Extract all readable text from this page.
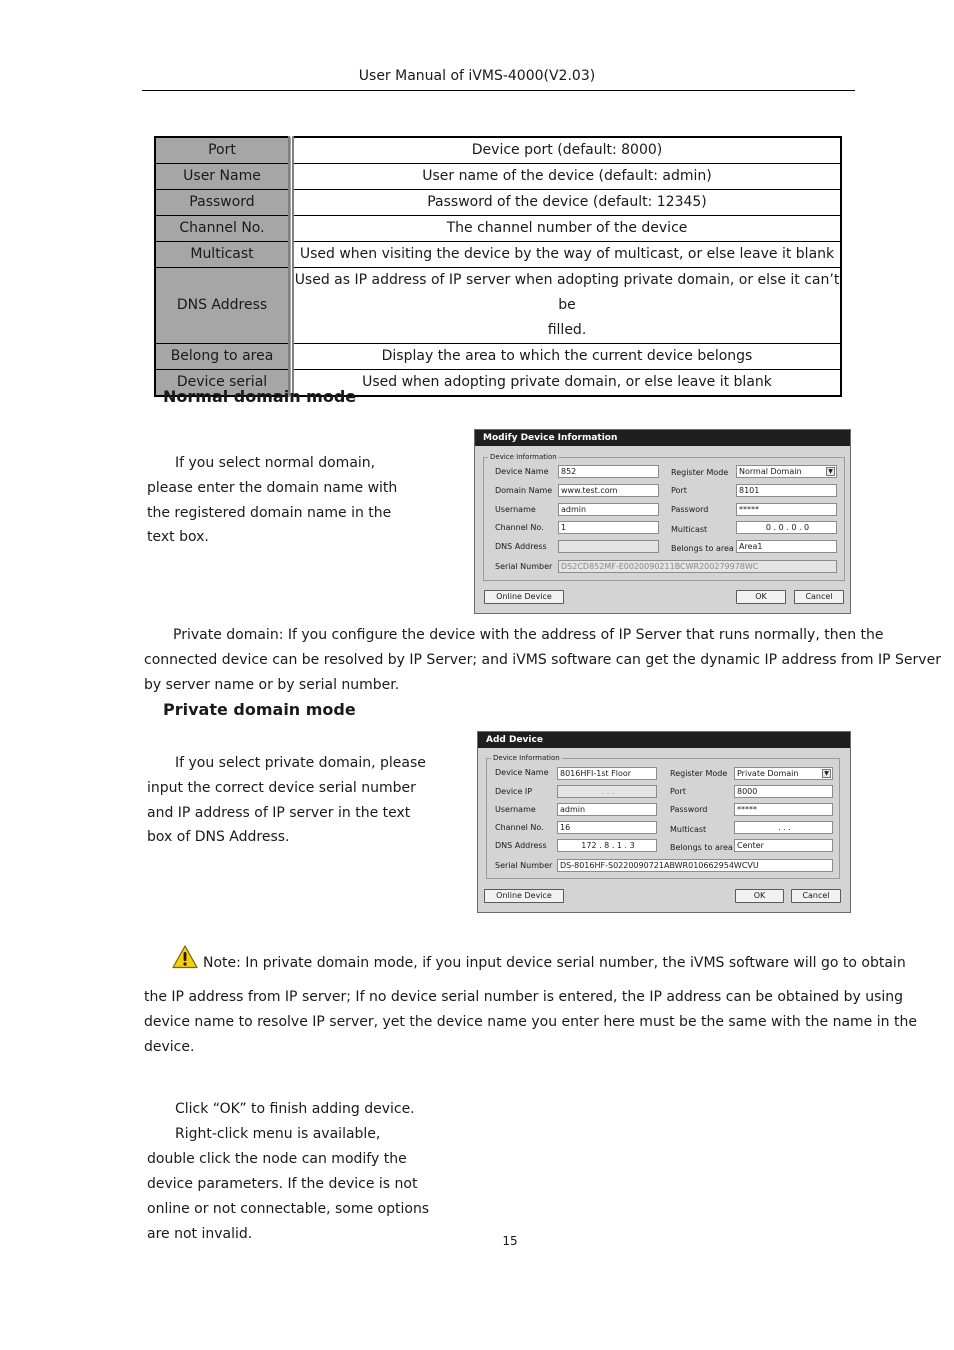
User Manual of iVMS-4000(V2.03)
Port	Device port (default: 8000)
User Name	User name of the device (default: admin)
Password	Password of the device (default: 12345)
Channel No.	The channel number of the device
Multicast	Used when visiting the device by the way of multicast, or else leave it blank
DNS Address	Used as IP address of IP server when adopting private domain, or else it can’t be
filled.

Belong to area	Display the area to which the current device belongs
Device serial	Used when adopting private domain, or else leave it blank
Normal domain mode
If you select normal domain,
please enter the domain name with
the registered domain name in the
text box.
Modify Device Information
Device Information
Device Name	852
Domain Name	www.test.com
Username	admin
Channel No.	1
DNS Address
Serial Number	DS2CD852MF-E0020090211BCWR200279978WC
Register Mode	Normal Domain	▼
Port	8101
Password	*****
Multicast	0 . 0 . 0 . 0
Belongs to area Area1
Online Device	OK	Cancel
Private domain: If you configure the device with the address of IP Server that runs normally, then the
connected device can be resolved by IP Server; and iVMS software can get the dynamic IP address from IP Server
by server name or by serial number.
Private domain mode
If you select private domain, please
input the correct device serial number
and IP address of IP server in the text
box of DNS Address.
Add Device
Device Information
Device Name	8016HFI-1st Floor
Device IP	. . .
Username	admin
Channel No.	16
DNS Address	172 . 8 . 1 . 3
Serial Number DS-8016HF-S0220090721ABWR010662954WCVU
Register Mode	Private Domain	▼
Port	8000
Password	*****
Multicast	. . .
Belongs to area Center
Online Device	OK	Cancel
Note: In private domain mode, if you input device serial number, the iVMS software will go to obtain
the IP address from IP server; If no device serial number is entered, the IP address can be obtained by using
device name to resolve IP server, yet the device name you enter here must be the same with the name in the
device.
Click “OK” to finish adding device.
Right-click menu is available,
double click the node can modify the
device parameters. If the device is not
online or not connectable, some options
are not invalid.	15
